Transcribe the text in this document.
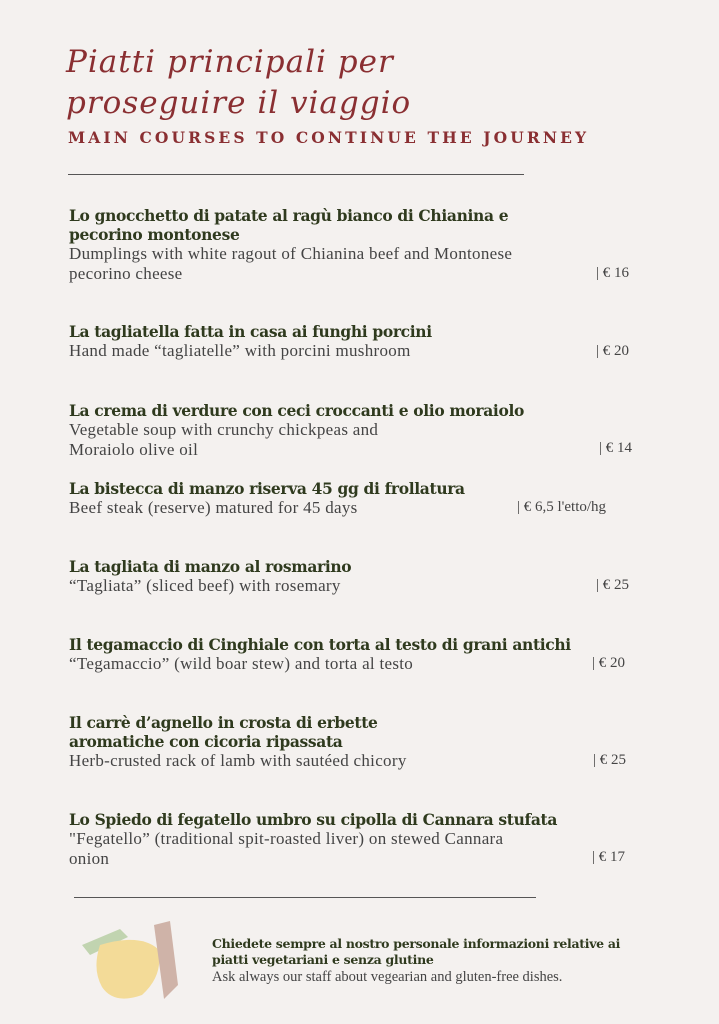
Piatti principali per
proseguire il viaggio
MAIN COURSES TO CONTINUE THE JOURNEY
Lo gnocchetto di patate al ragù bianco di Chianina e pecorino montonese
Dumplings with white ragout of Chianina beef and Montonese pecorino cheese	| € 16
La tagliatella fatta in casa ai funghi porcini
Hand made “tagliatelle” with porcini mushroom	| € 20
La crema di verdure con ceci croccanti e olio moraiolo
Vegetable soup with crunchy chickpeas and Moraiolo olive oil	| € 14
La bistecca di manzo riserva 45 gg di frollatura
Beef steak (reserve) matured for 45 days	| € 6,5 l'etto/hg
La tagliata di manzo al rosmarino
“Tagliata” (sliced beef) with rosemary	| € 25
Il tegamaccio di Cinghiale con torta al testo di grani antichi
“Tegamaccio” (wild boar stew) and torta al testo	| € 20
Il carrè d’agnello in crosta di erbette aromatiche con cicoria ripassata
Herb-crusted rack of lamb with sautéed chicory	| € 25
Lo Spiedo di fegatello umbro su cipolla di Cannara stufata
"Fegatello” (traditional spit-roasted liver) on stewed Cannara onion	| € 17
Chiedete sempre al nostro personale informazioni relative ai piatti vegetariani e senza glutine
Ask always our staff about vegearian and gluten-free dishes.
